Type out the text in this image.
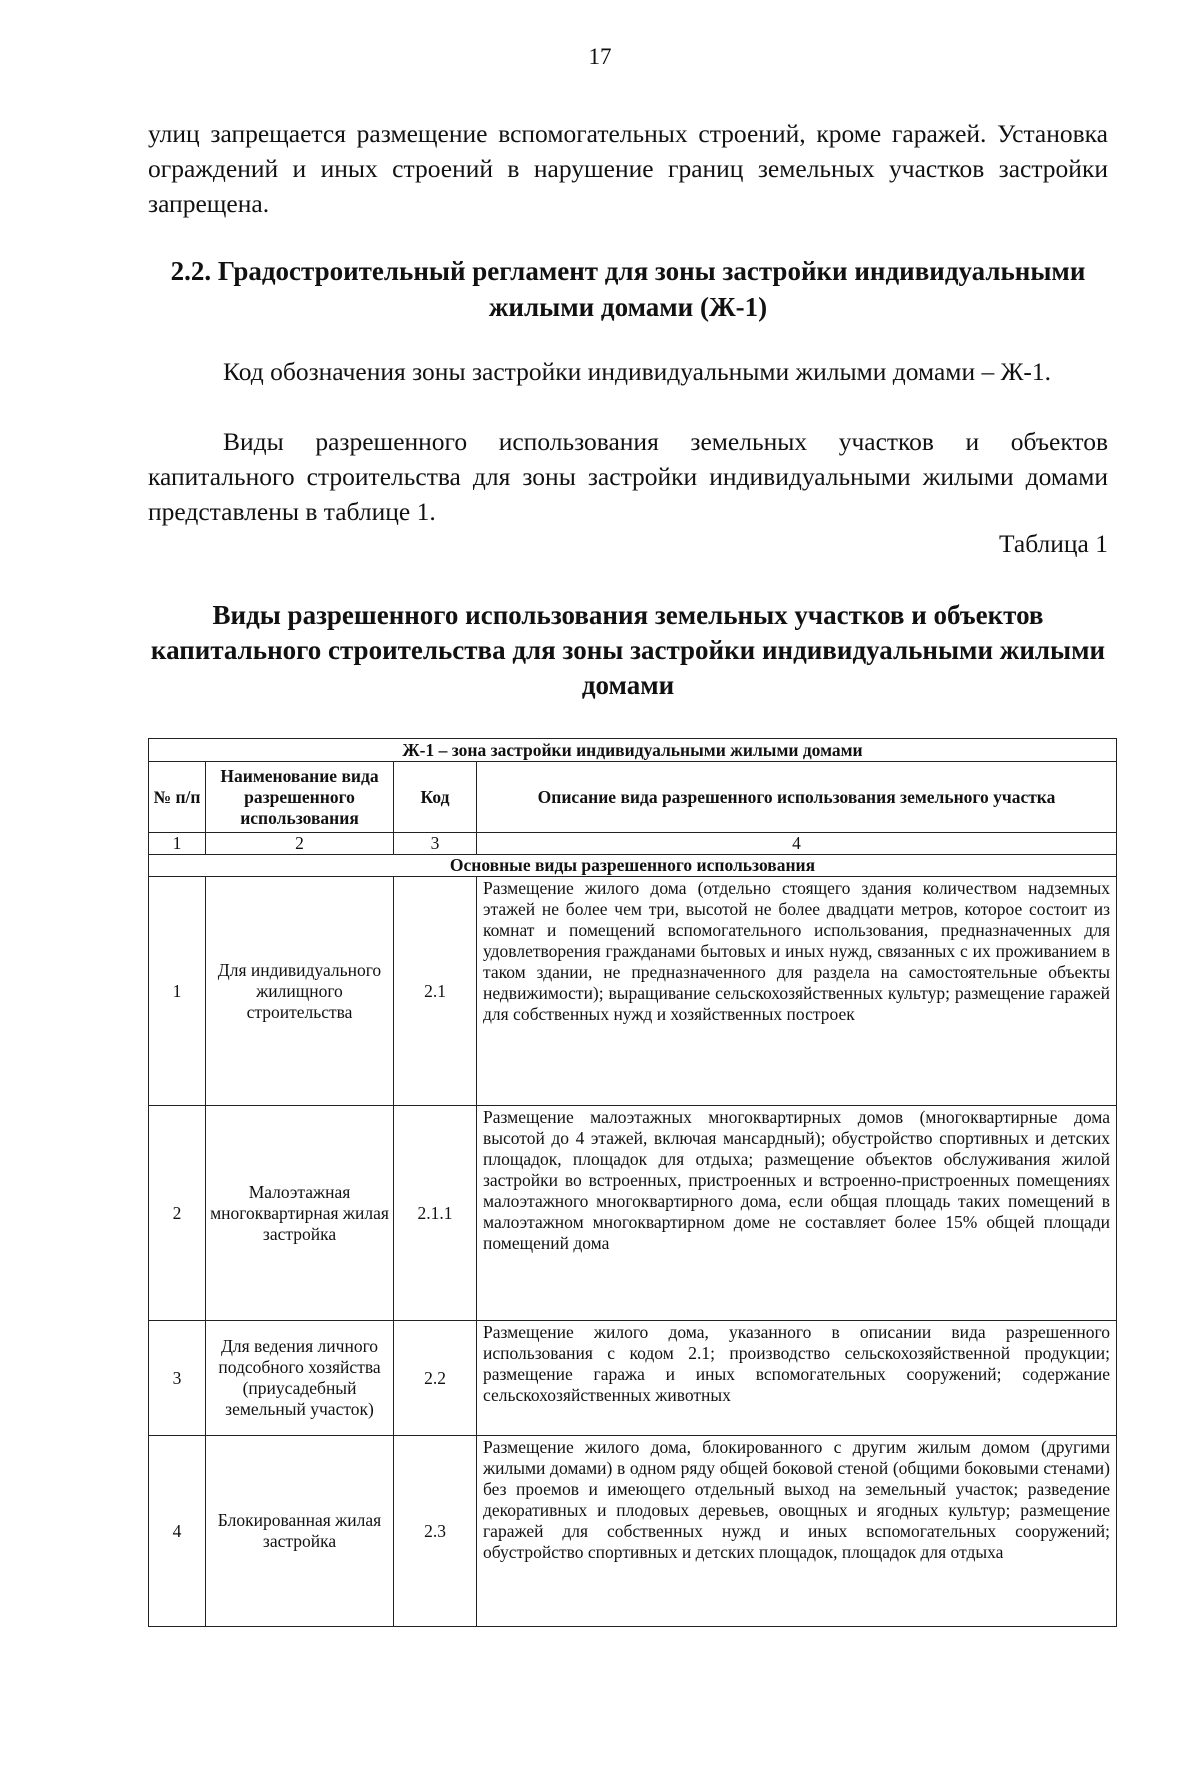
17

улиц запрещается размещение вспомогательных строений, кроме гаражей. Установка ограждений и иных строений в нарушение границ земельных участков застройки запрещена.

2.2. Градостроительный регламент для зоны застройки индивидуальными жилыми домами (Ж-1)

Код обозначения зоны застройки индивидуальными жилыми домами – Ж-1.

Виды разрешенного использования земельных участков и объектов капитального строительства для зоны застройки индивидуальными жилыми домами представлены в таблице 1.

Таблица 1
Виды разрешенного использования земельных участков и объектов капитального строительства для зоны застройки индивидуальными жилыми домами
Ж-1 – зона застройки индивидуальными жилыми домами			
№ п/п	Наименование вида разрешенного использования	Код	Описание вида разрешенного использования земельного участка
1	2	3	4
Основные виды разрешенного использования			
1	Для индивидуального жилищного строительства	2.1	Размещение жилого дома (отдельно стоящего здания количеством надземных этажей не более чем три, высотой не более двадцати метров, которое состоит из комнат и помещений вспомогательного использования, предназначенных для удовлетворения гражданами бытовых и иных нужд, связанных с их проживанием в таком здании, не предназначенного для раздела на самостоятельные объекты недвижимости); выращивание сельскохозяйственных культур; размещение гаражей для собственных нужд и хозяйственных построек
2	Малоэтажная многоквартирная жилая застройка	2.1.1	Размещение малоэтажных многоквартирных домов (многоквартирные дома высотой до 4 этажей, включая мансардный); обустройство спортивных и детских площадок, площадок для отдыха; размещение объектов обслуживания жилой застройки во встроенных, пристроенных и встроенно-пристроенных помещениях малоэтажного многоквартирного дома, если общая площадь таких помещений в малоэтажном многоквартирном доме не составляет более 15% общей площади помещений дома
3	Для ведения личного подсобного хозяйства (приусадебный земельный участок)	2.2	Размещение жилого дома, указанного в описании вида разрешенного использования с кодом 2.1; производство сельскохозяйственной продукции; размещение гаража и иных вспомогательных сооружений; содержание сельскохозяйственных животных
4	Блокированная жилая застройка	2.3	Размещение жилого дома, блокированного с другим жилым домом (другими жилыми домами) в одном ряду общей боковой стеной (общими боковыми стенами) без проемов и имеющего отдельный выход на земельный участок; разведение декоративных и плодовых деревьев, овощных и ягодных культур; размещение гаражей для собственных нужд и иных вспомогательных сооружений; обустройство спортивных и детских площадок, площадок для отдыха
